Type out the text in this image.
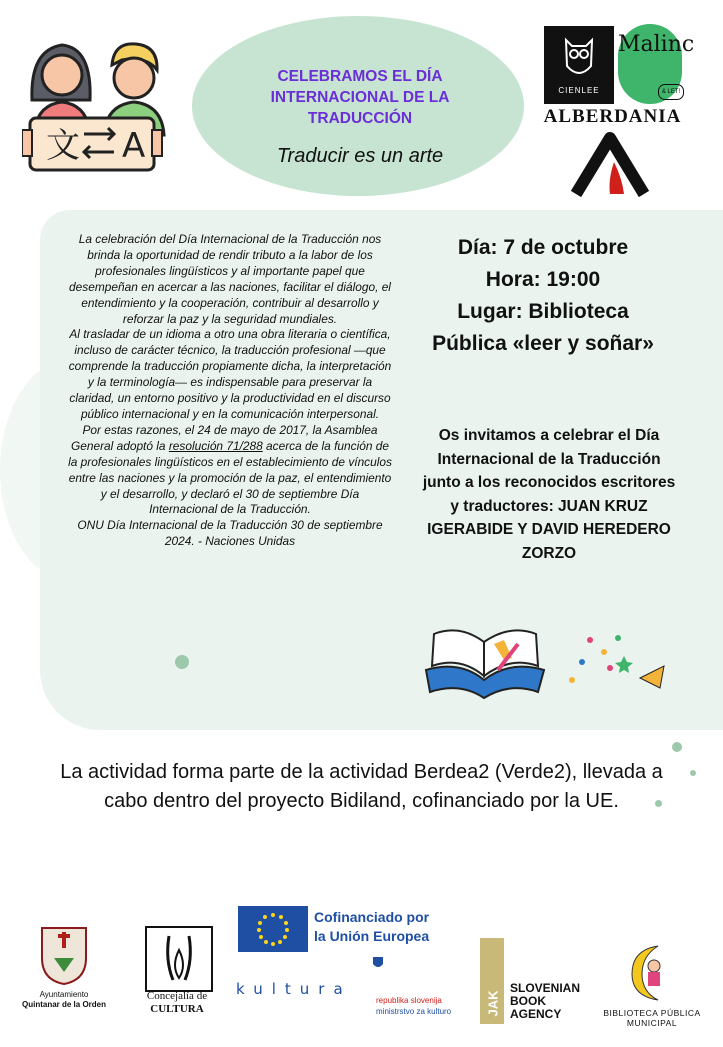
文 A
CELEBRAMOS EL DÍA
INTERNACIONAL DE LA
TRADUCCIÓN
Traducir es un arte
CIENLEE
Malinc
& LET!
ALBERDANIA
La celebración del Día Internacional de la Traducción nos brinda la oportunidad de rendir tributo a la labor de los profesionales lingüísticos y al importante papel que desempeñan en acercar a las naciones, facilitar el diálogo, el entendimiento y la cooperación, contribuir al desarrollo y reforzar la paz y la seguridad mundiales.
Al trasladar de un idioma a otro una obra literaria o científica, incluso de carácter técnico, la traducción profesional —que comprende la traducción propiamente dicha, la interpretación y la terminología— es indispensable para preservar la claridad, un entorno positivo y la productividad en el discurso público internacional y en la comunicación interpersonal.
Por estas razones, el 24 de mayo de 2017, la Asamblea General adoptó la resolución 71/288 acerca de la función de la profesionales lingüísticos en el establecimiento de vínculos entre las naciones y la promoción de la paz, el entendimiento y el desarrollo, y declaró el 30 de septiembre Día Internacional de la Traducción.
ONU Día Internacional de la Traducción 30 de septiembre 2024. - Naciones Unidas
Día: 7 de octubre
Hora: 19:00
Lugar: Biblioteca
Pública «leer y soñar»
Os invitamos a celebrar el Día Internacional de la Traducción junto a los reconocidos escritores y traductores: JUAN KRUZ IGERABIDE Y DAVID HEREDERO ZORZO
La actividad forma parte de la actividad Berdea2 (Verde2), llevada a cabo dentro del proyecto Bidiland, cofinanciado por la UE.
Ayuntamiento
Quintanar de la Orden
Concejalía de
CULTURA
Cofinanciado por
la Unión Europea
kultura
republika slovenija
ministrstvo za kulturo	JAK
SLOVENIAN
BOOK
AGENCY	BIBLIOTECA PÚBLICA MUNICIPAL
